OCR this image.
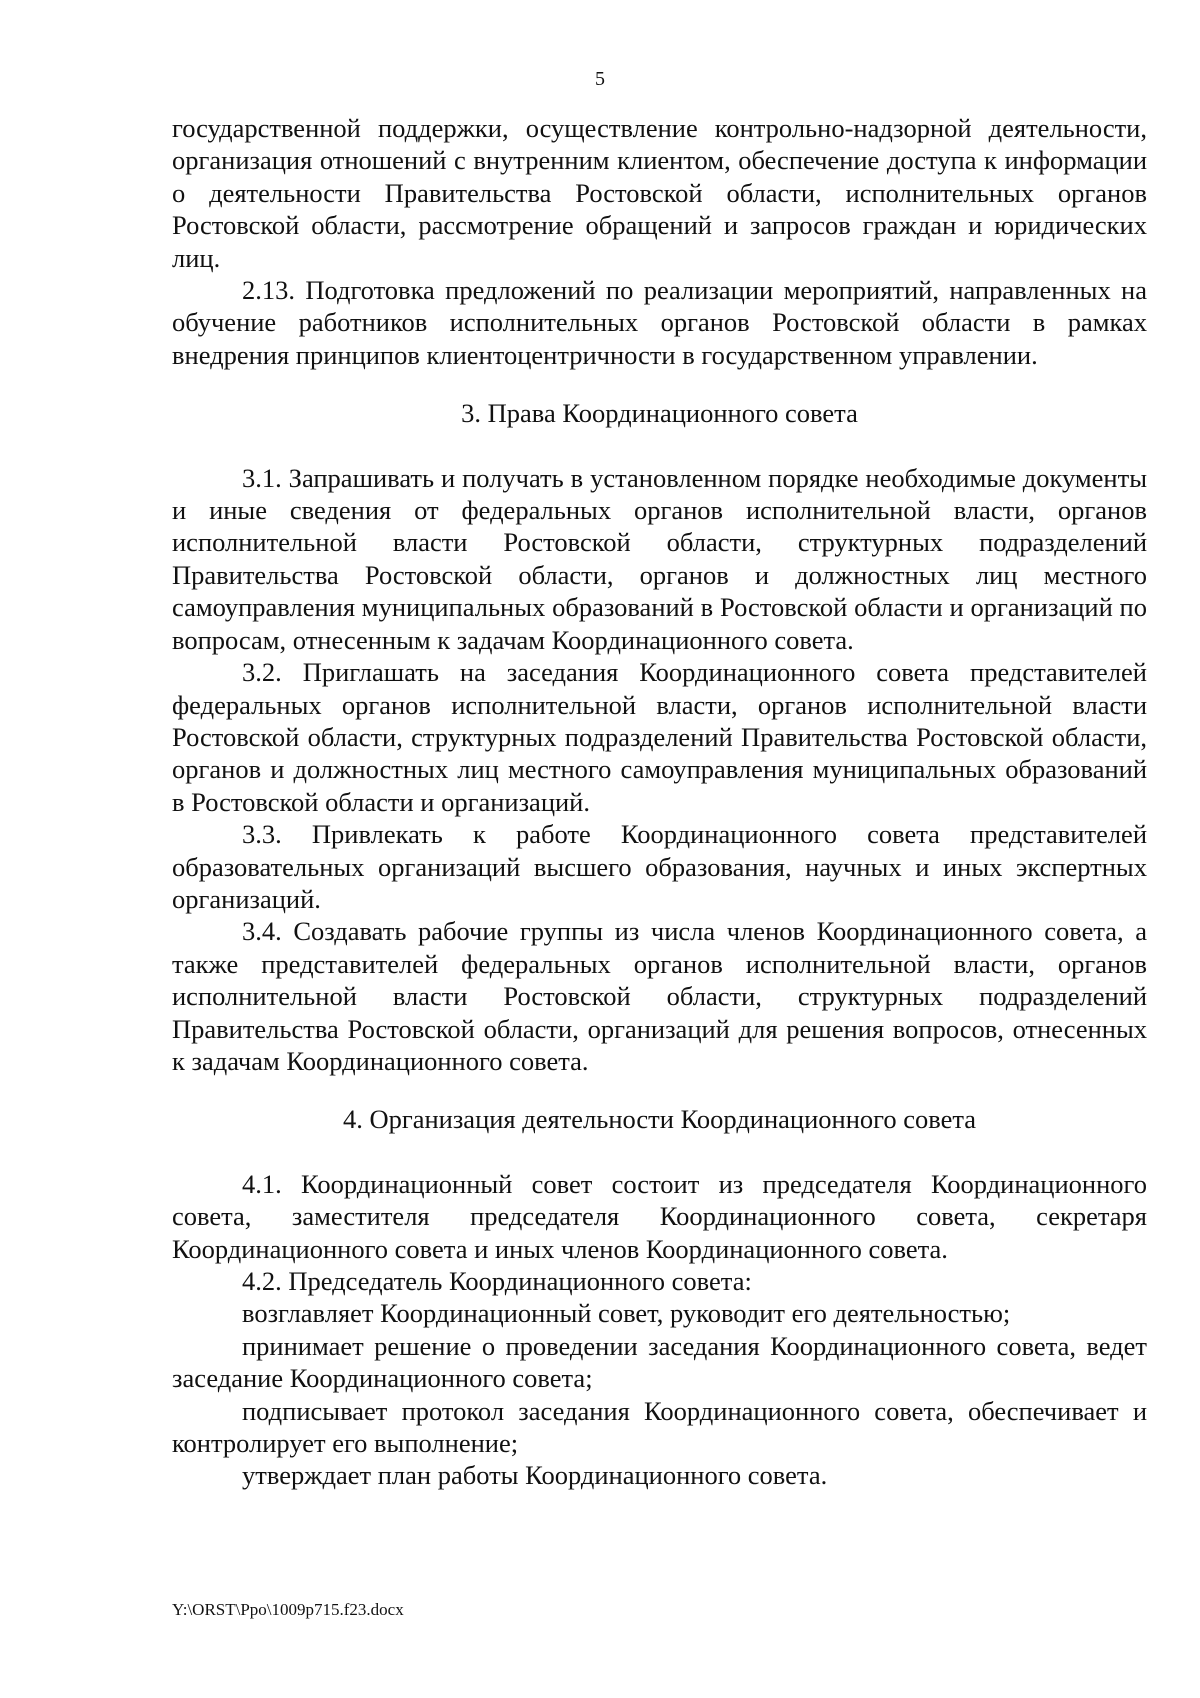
5

государственной поддержки, осуществление контрольно-надзорной деятельности, организация отношений с внутренним клиентом, обеспечение доступа к информации о деятельности Правительства Ростовской области, исполнительных органов Ростовской области, рассмотрение обращений и запросов граждан и юридических лиц.

2.13. Подготовка предложений по реализации мероприятий, направленных на обучение работников исполнительных органов Ростовской области в рамках внедрения принципов клиентоцентричности в государственном управлении.

3. Права Координационного совета

3.1. Запрашивать и получать в установленном порядке необходимые документы и иные сведения от федеральных органов исполнительной власти, органов исполнительной власти Ростовской области, структурных подразделений Правительства Ростовской области, органов и должностных лиц местного самоуправления муниципальных образований в Ростовской области и организаций по вопросам, отнесенным к задачам Координационного совета.

3.2. Приглашать на заседания Координационного совета представителей федеральных органов исполнительной власти, органов исполнительной власти Ростовской области, структурных подразделений Правительства Ростовской области, органов и должностных лиц местного самоуправления муниципальных образований в Ростовской области и организаций.

3.3. Привлекать к работе Координационного совета представителей образовательных организаций высшего образования, научных и иных экспертных организаций.

3.4. Создавать рабочие группы из числа членов Координационного совета, а также представителей федеральных органов исполнительной власти, органов исполнительной власти Ростовской области, структурных подразделений Правительства Ростовской области, организаций для решения вопросов, отнесенных к задачам Координационного совета.

4. Организация деятельности Координационного совета

4.1. Координационный совет состоит из председателя Координационного совета, заместителя председателя Координационного совета, секретаря Координационного совета и иных членов Координационного совета.

4.2. Председатель Координационного совета:

возглавляет Координационный совет, руководит его деятельностью;

принимает решение о проведении заседания Координационного совета, ведет заседание Координационного совета;

подписывает протокол заседания Координационного совета, обеспечивает и контролирует его выполнение;

утверждает план работы Координационного совета.

Y:\ORST\Ppo\1009p715.f23.docx
